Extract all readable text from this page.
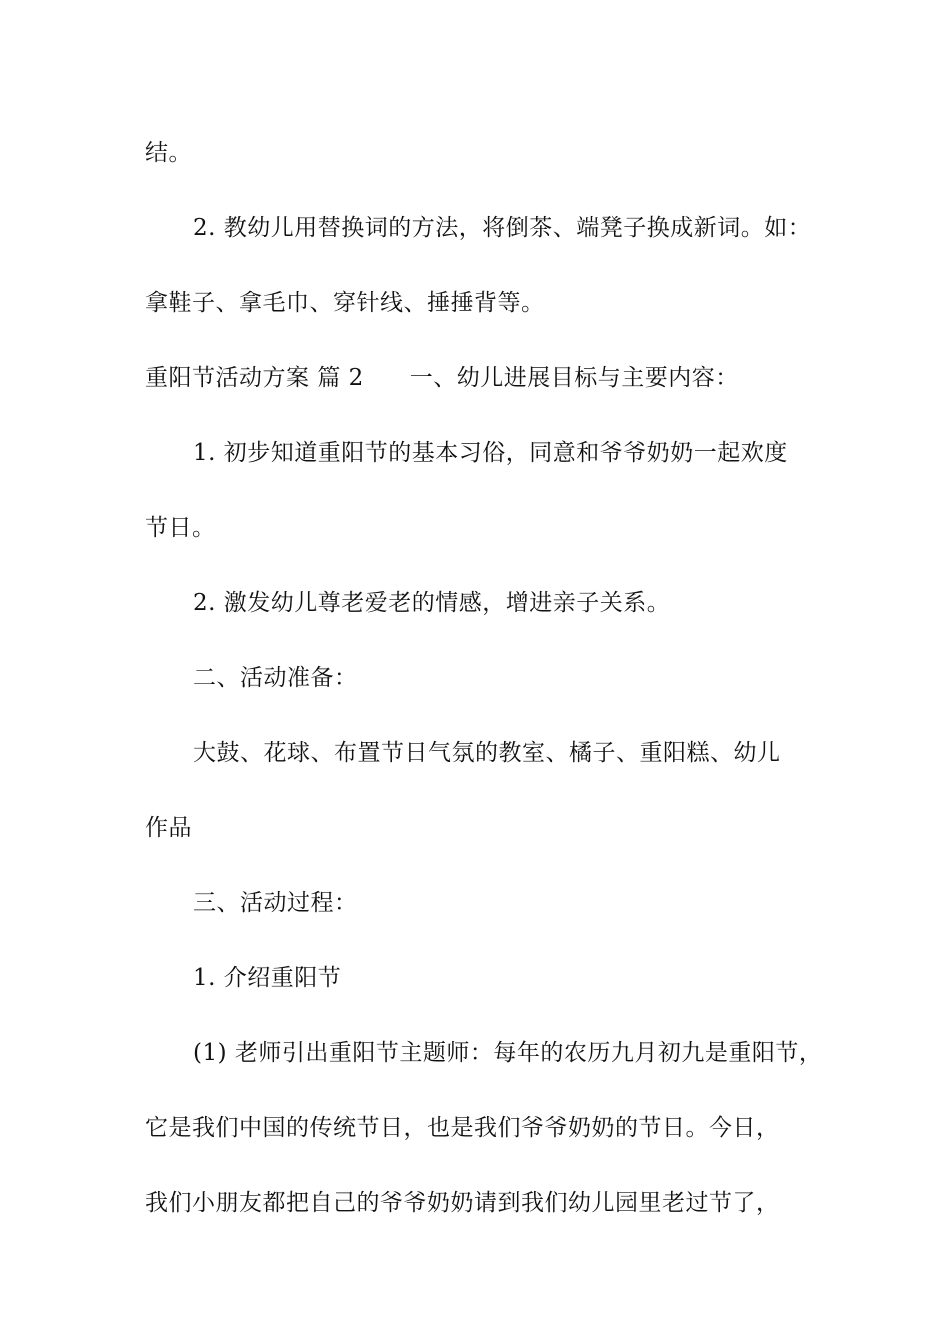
结。
2. 教幼儿用替换词的方法，将倒茶、端凳子换成新词。如：
拿鞋子、拿毛巾、穿针线、捶捶背等。
重阳节活动方案 篇 2 一、幼儿进展目标与主要内容：
1. 初步知道重阳节的基本习俗，同意和爷爷奶奶一起欢度
节日。
2. 激发幼儿尊老爱老的情感，增进亲子关系。
二、活动准备：
大鼓、花球、布置节日气氛的教室、橘子、重阳糕、幼儿
作品
三、活动过程：
1. 介绍重阳节
(1) 老师引出重阳节主题师：每年的农历九月初九是重阳节，
它是我们中国的传统节日，也是我们爷爷奶奶的节日。今日，
我们小朋友都把自己的爷爷奶奶请到我们幼儿园里老过节了，
